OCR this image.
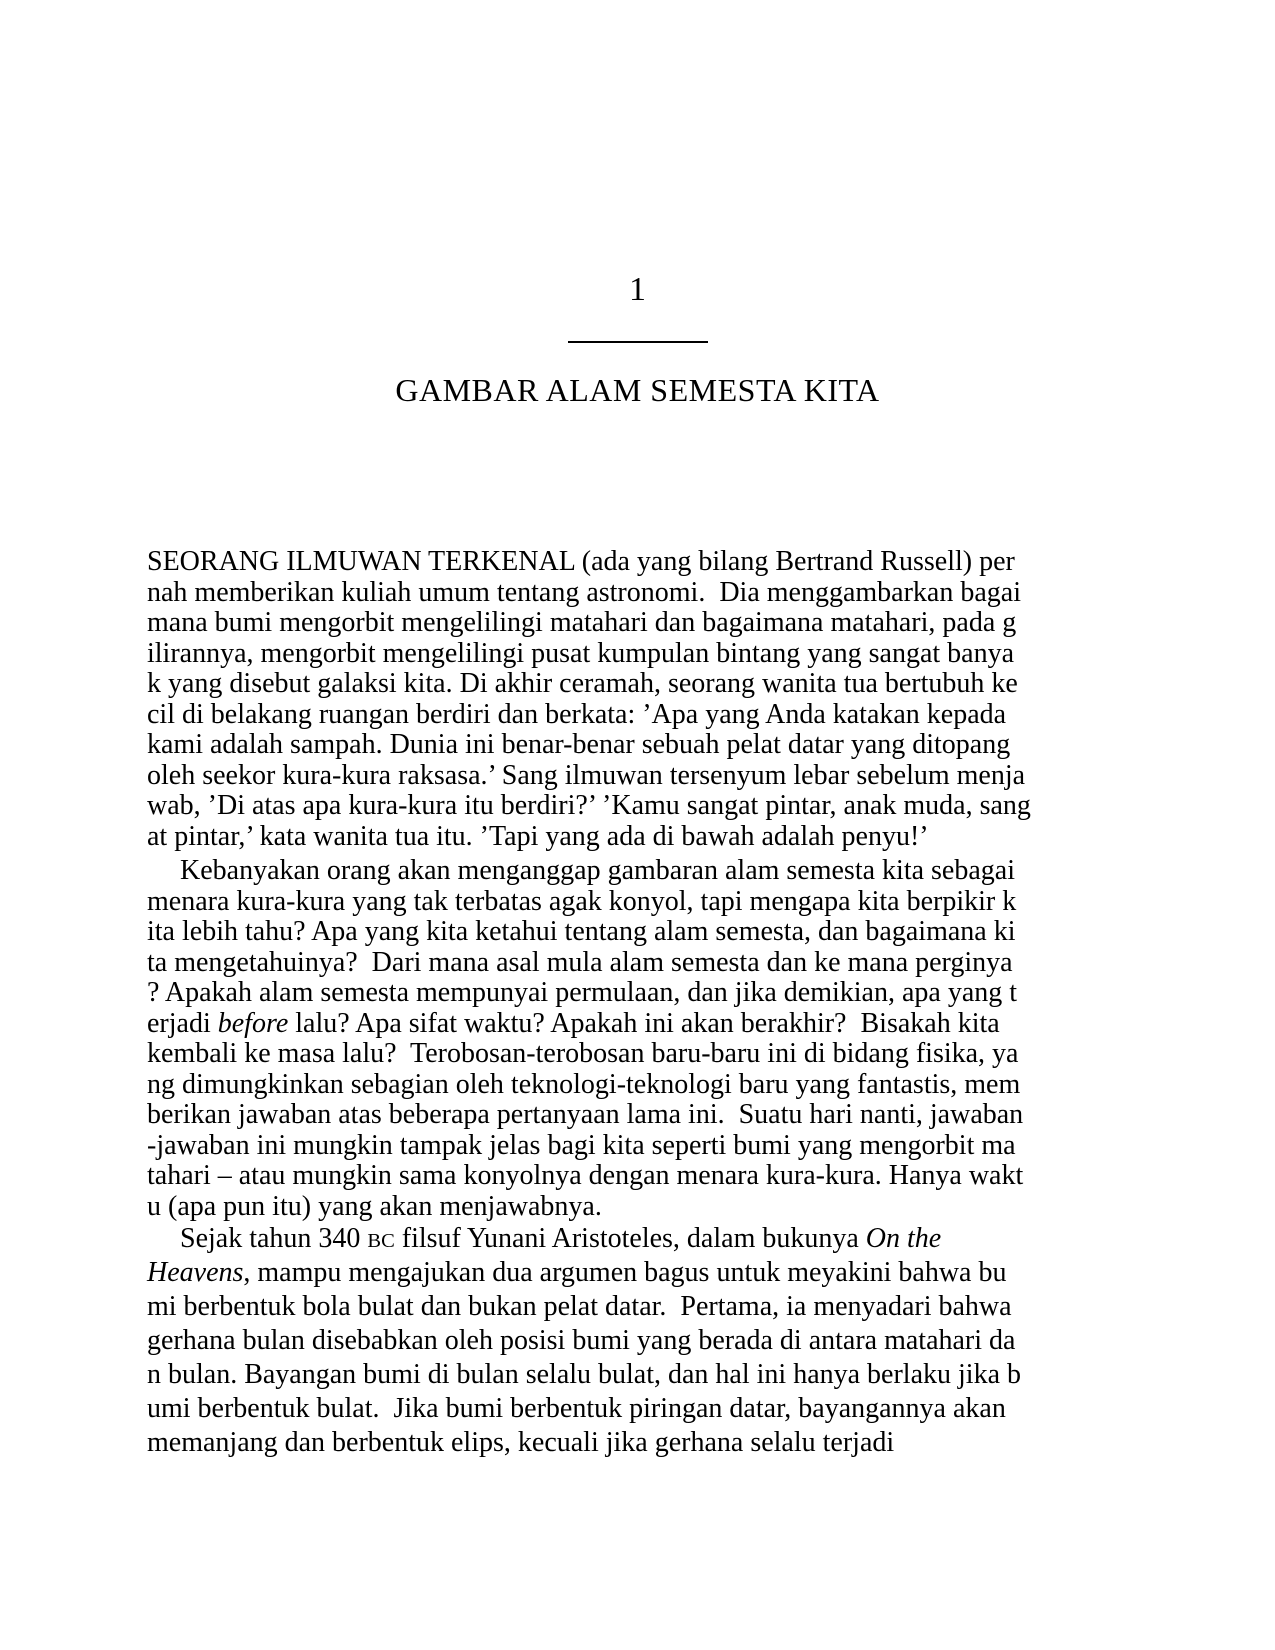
1
GAMBAR ALAM SEMESTA KITA
SEORANG ILMUWAN TERKENAL (ada yang bilang Bertrand Russell) per
nah memberikan kuliah umum tentang astronomi.  Dia menggambarkan bagai
mana bumi mengorbit mengelilingi matahari dan bagaimana matahari, pada g
ilirannya, mengorbit mengelilingi pusat kumpulan bintang yang sangat banya
k yang disebut galaksi kita. Di akhir ceramah, seorang wanita tua bertubuh ke
cil di belakang ruangan berdiri dan berkata: ’Apa yang Anda katakan kepada
kami adalah sampah. Dunia ini benar-benar sebuah pelat datar yang ditopang
oleh seekor kura-kura raksasa.’ Sang ilmuwan tersenyum lebar sebelum menja
wab, ’Di atas apa kura-kura itu berdiri?’ ’Kamu sangat pintar, anak muda, sang
at pintar,’ kata wanita tua itu. ’Tapi yang ada di bawah adalah penyu!’
Kebanyakan orang akan menganggap gambaran alam semesta kita sebagai
menara kura-kura yang tak terbatas agak konyol, tapi mengapa kita berpikir k
ita lebih tahu? Apa yang kita ketahui tentang alam semesta, dan bagaimana ki
ta mengetahuinya?  Dari mana asal mula alam semesta dan ke mana perginya
? Apakah alam semesta mempunyai permulaan, dan jika demikian, apa yang t
erjadi before lalu? Apa sifat waktu? Apakah ini akan berakhir?  Bisakah kita
kembali ke masa lalu?  Terobosan-terobosan baru-baru ini di bidang fisika, ya
ng dimungkinkan sebagian oleh teknologi-teknologi baru yang fantastis, mem
berikan jawaban atas beberapa pertanyaan lama ini.  Suatu hari nanti, jawaban
-jawaban ini mungkin tampak jelas bagi kita seperti bumi yang mengorbit ma
tahari – atau mungkin sama konyolnya dengan menara kura-kura. Hanya wakt
u (apa pun itu) yang akan menjawabnya.
Sejak tahun 340 BC filsuf Yunani Aristoteles, dalam bukunya On the
Heavens, mampu mengajukan dua argumen bagus untuk meyakini bahwa bu
mi berbentuk bola bulat dan bukan pelat datar.  Pertama, ia menyadari bahwa
gerhana bulan disebabkan oleh posisi bumi yang berada di antara matahari da
n bulan. Bayangan bumi di bulan selalu bulat, dan hal ini hanya berlaku jika b
umi berbentuk bulat.  Jika bumi berbentuk piringan datar, bayangannya akan
memanjang dan berbentuk elips, kecuali jika gerhana selalu terjadi
